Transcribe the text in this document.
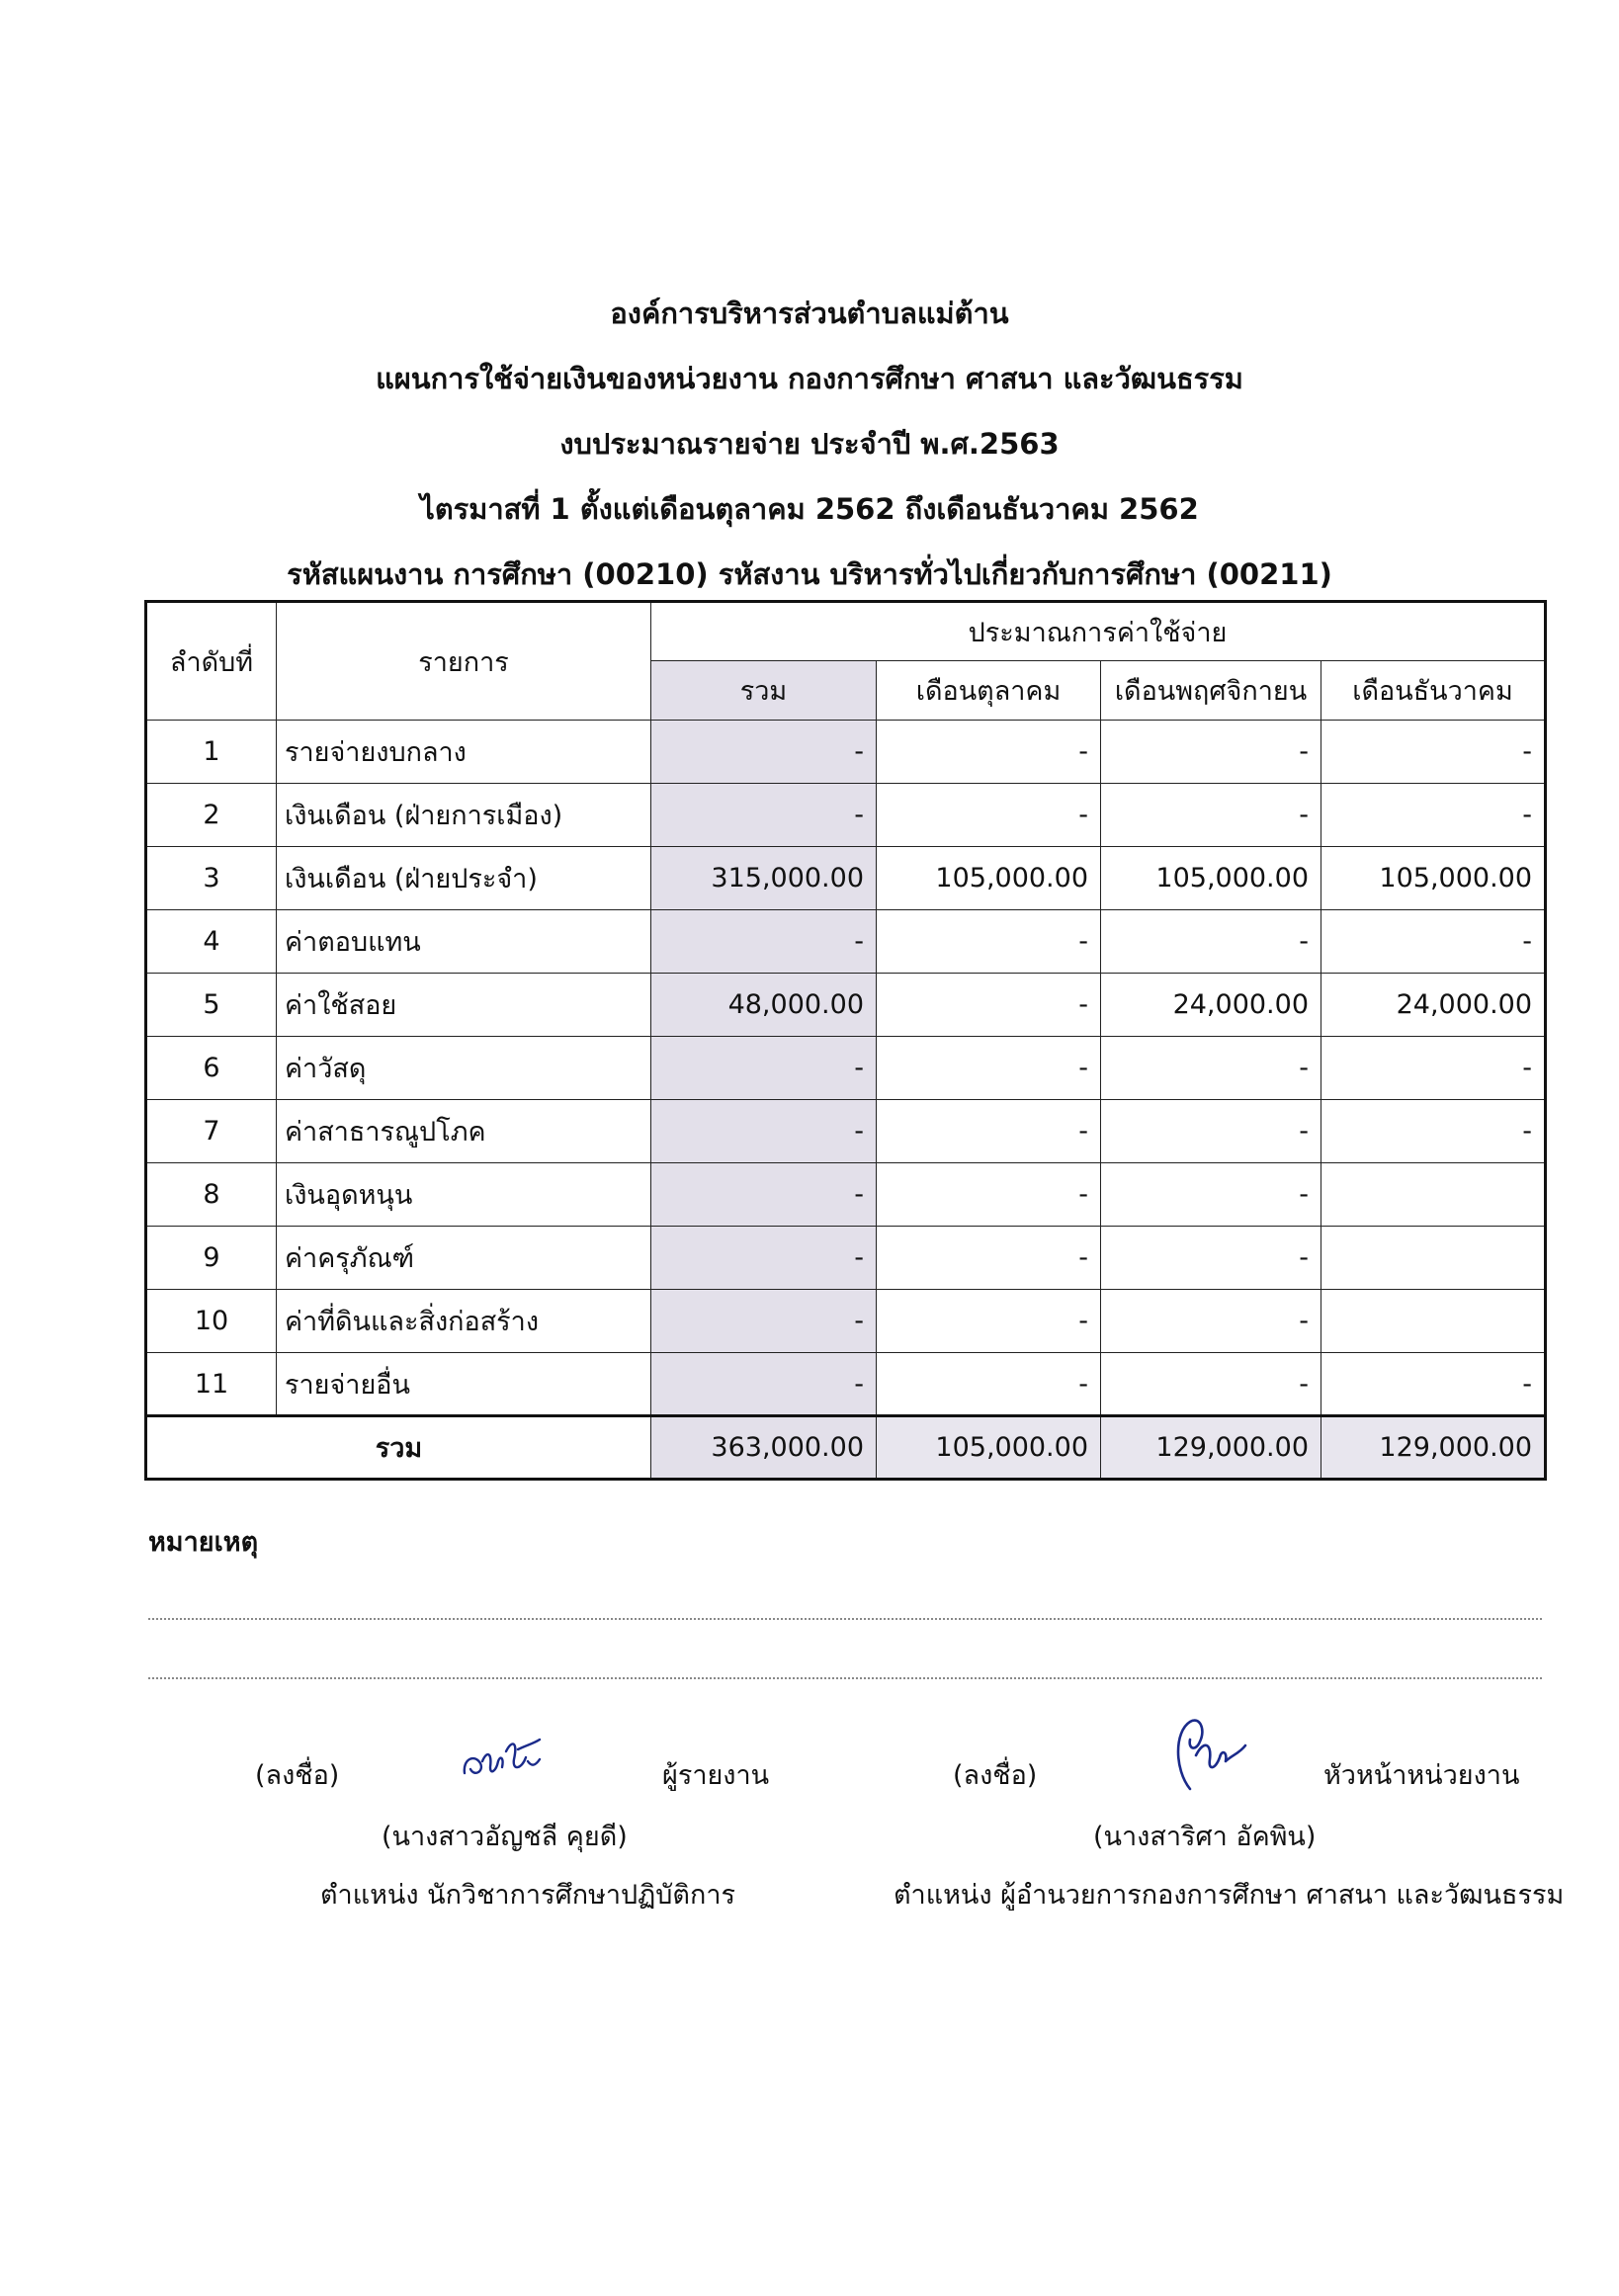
องค์การบริหารส่วนตำบลแม่ต้าน
แผนการใช้จ่ายเงินของหน่วยงาน กองการศึกษา ศาสนา และวัฒนธรรม
งบประมาณรายจ่าย ประจำปี พ.ศ.2563
ไตรมาสที่ 1 ตั้งแต่เดือนตุลาคม 2562 ถึงเดือนธันวาคม 2562
รหัสแผนงาน การศึกษา (00210) รหัสงาน บริหารทั่วไปเกี่ยวกับการศึกษา (00211)
ลำดับที่	รายการ	ประมาณการค่าใช้จ่าย			
		รวม	เดือนตุลาคม	เดือนพฤศจิกายน	เดือนธันวาคม
1	รายจ่ายงบกลาง	-	-	-	-
2	เงินเดือน (ฝ่ายการเมือง)	-	-	-	-
3	เงินเดือน (ฝ่ายประจำ)	315,000.00	105,000.00	105,000.00	105,000.00
4	ค่าตอบแทน	-	-	-	-
5	ค่าใช้สอย	48,000.00	-	24,000.00	24,000.00
6	ค่าวัสดุ	-	-	-	-
7	ค่าสาธารณูปโภค	-	-	-	-
8	เงินอุดหนุน	-	-	-	
9	ค่าครุภัณฑ์	-	-	-	
10	ค่าที่ดินและสิ่งก่อสร้าง	-	-	-	
11	รายจ่ายอื่น	-	-	-	-
รวม		363,000.00	105,000.00	129,000.00	129,000.00
หมายเหตุ
(ลงชื่อ)	ผู้รายงาน
(นางสาวอัญชลี คุยดี)
ตำแหน่ง นักวิชาการศึกษาปฏิบัติการ
(ลงชื่อ)	หัวหน้าหน่วยงาน
(นางสาริศา อัคพิน)
ตำแหน่ง ผู้อำนวยการกองการศึกษา ศาสนา และวัฒนธรรม
